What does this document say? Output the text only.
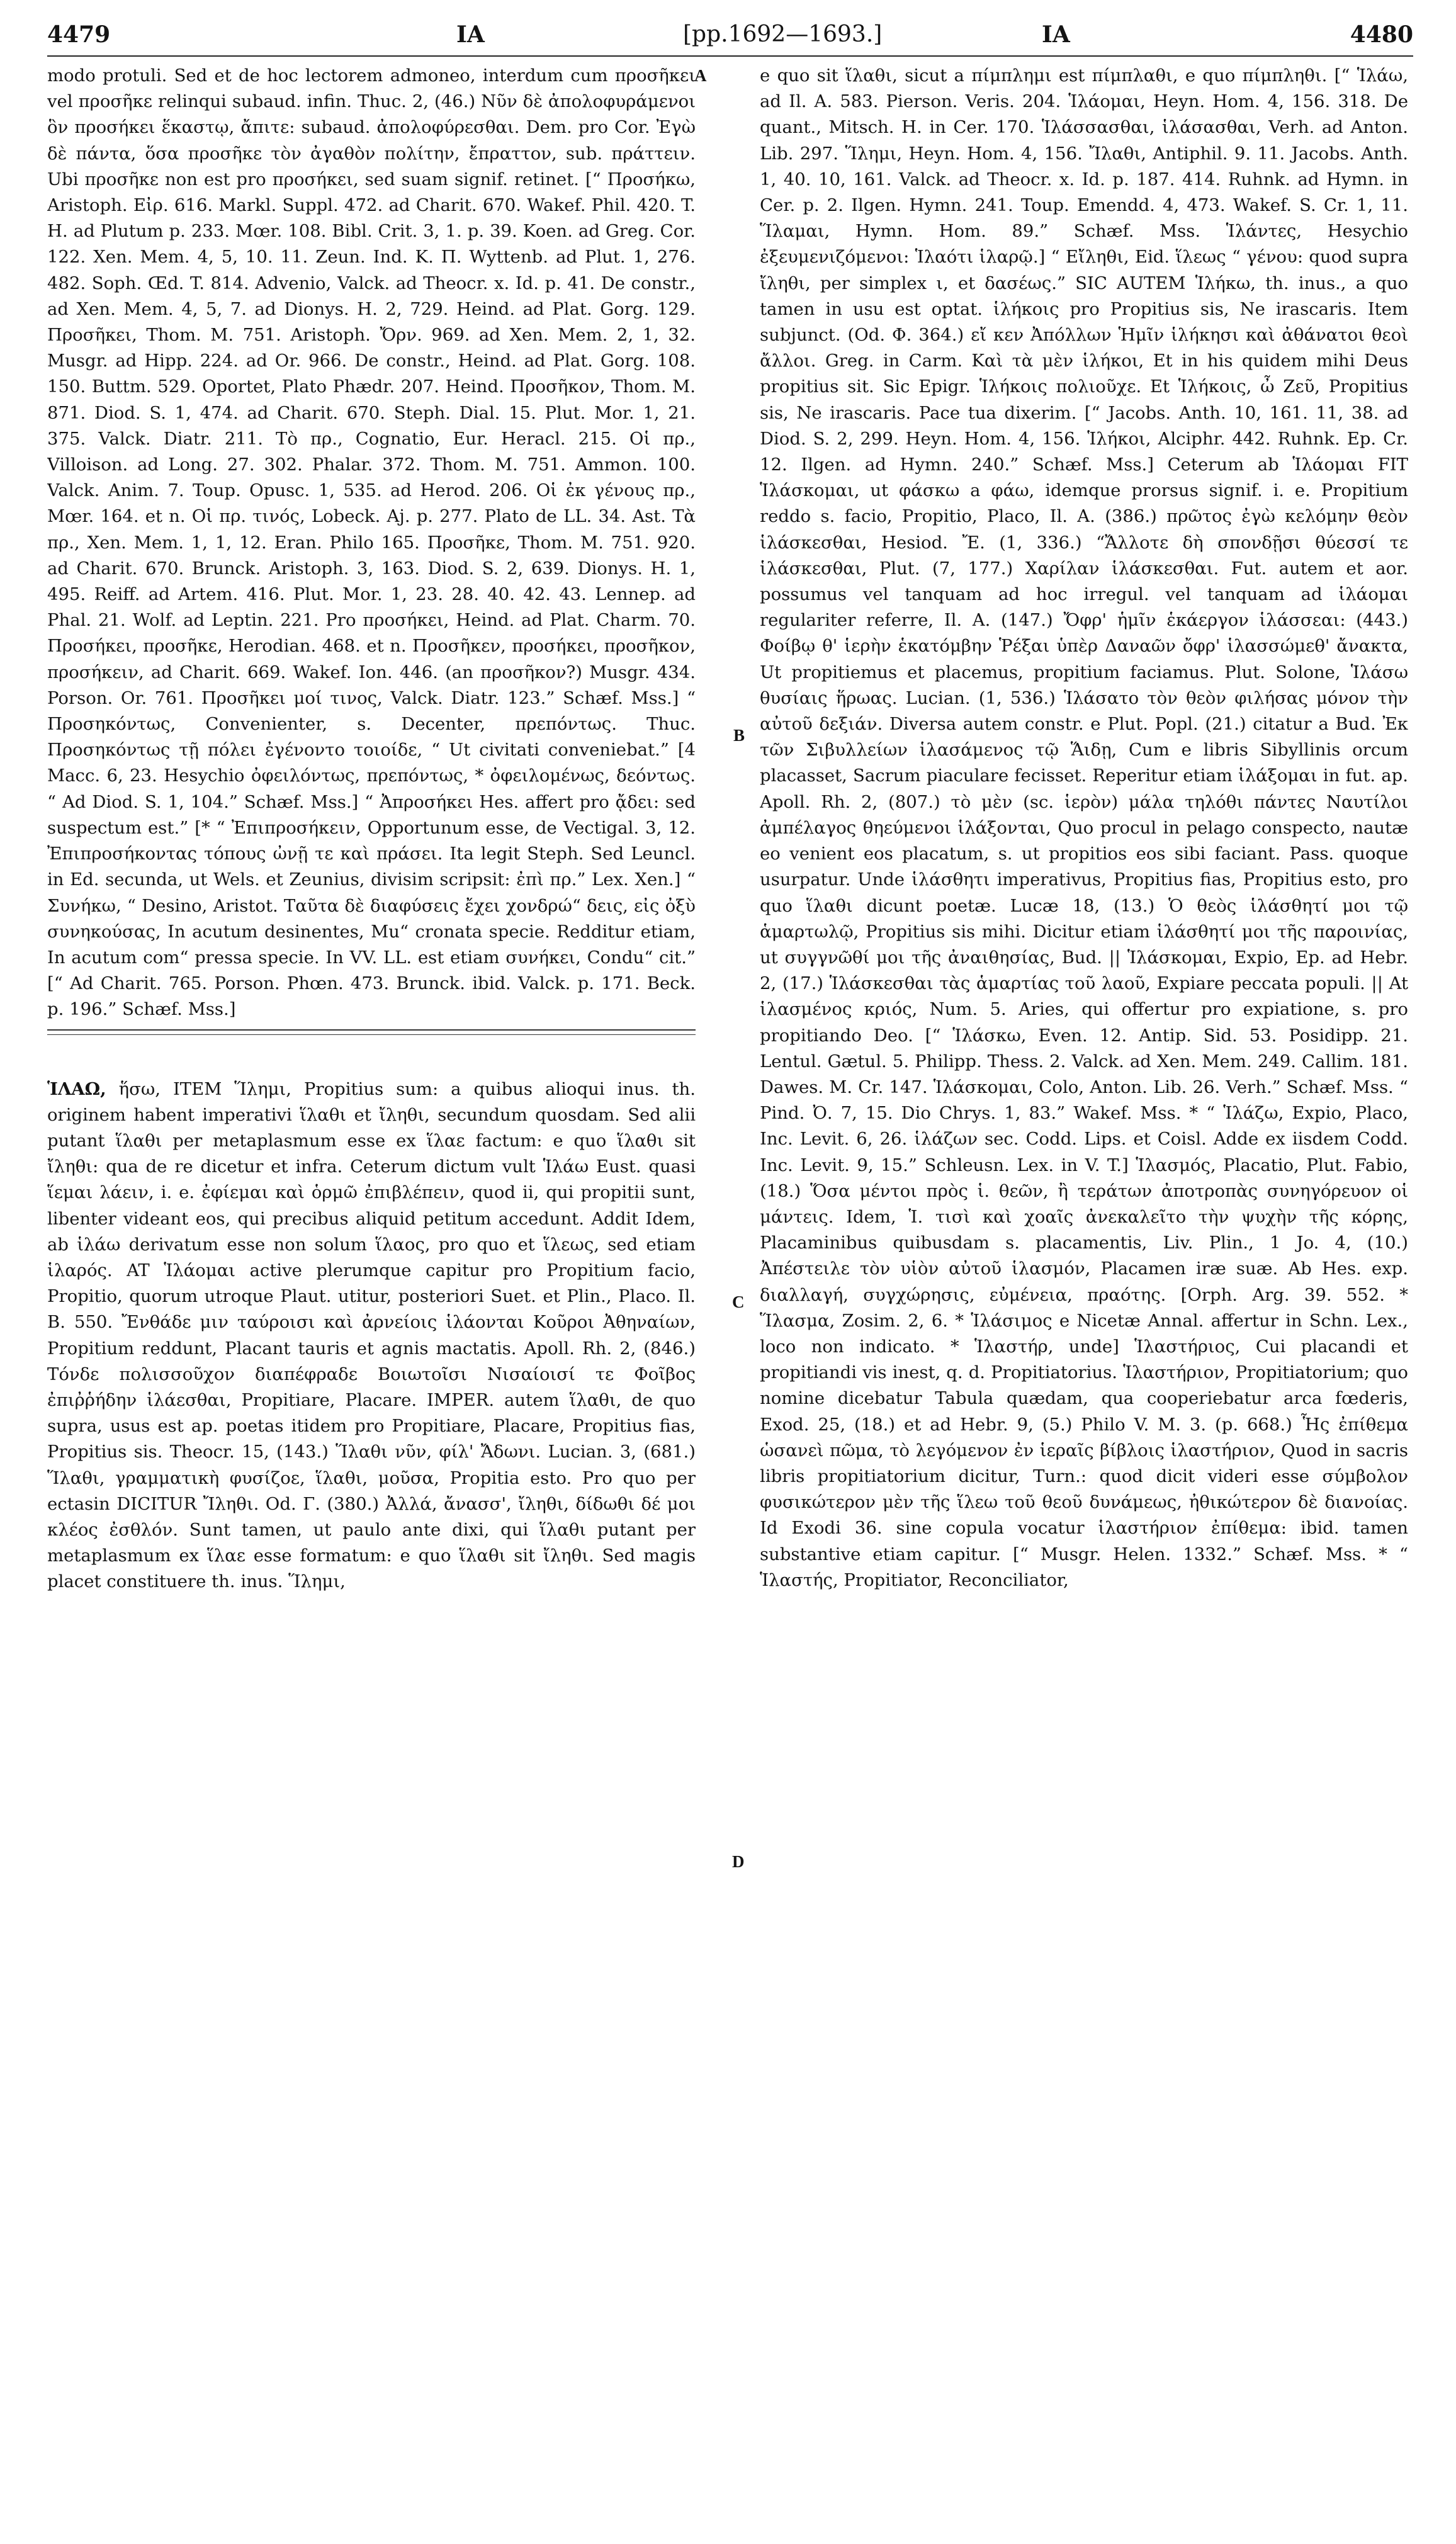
4479	ΙΑ	[pp.1692—1693.]	ΙΑ	4480

modo protuli. Sed et de hoc lectorem admoneo, interdum cum προσῆκει vel προσῆκε relinqui subaud. infin. Thuc. 2, (46.) Νῦν δὲ ἀπολοφυράμενοι ὃν προσήκει ἕκαστῳ, ἄπιτε: subaud. ἀπολοφύρεσθαι. Dem. pro Cor. Ἐγὼ δὲ πάντα, ὅσα προσῆκε τὸν ἀγαθὸν πολίτην, ἔπραττον, sub. πράττειν. Ubi προσῆκε non est pro προσήκει, sed suam signif. retinet. [“ Προσήκω, Aristoph. Εἰρ. 616. Markl. Suppl. 472. ad Charit. 670. Wakef. Phil. 420. T. H. ad Plutum p. 233. Mœr. 108. Bibl. Crit. 3, 1. p. 39. Koen. ad Greg. Cor. 122. Xen. Mem. 4, 5, 10. 11. Zeun. Ind. K. Π. Wyttenb. ad Plut. 1, 276. 482. Soph. Œd. T. 814. Advenio, Valck. ad Theocr. x. Id. p. 41. De constr., ad Xen. Mem. 4, 5, 7. ad Dionys. H. 2, 729. Heind. ad Plat. Gorg. 129. Προσῆκει, Thom. M. 751. Aristoph. Ὄρν. 969. ad Xen. Mem. 2, 1, 32. Musgr. ad Hipp. 224. ad Or. 966. De constr., Heind. ad Plat. Gorg. 108. 150. Buttm. 529. Oportet, Plato Phædr. 207. Heind. Προσῆκον, Thom. M. 871. Diod. S. 1, 474. ad Charit. 670. Steph. Dial. 15. Plut. Mor. 1, 21. 375. Valck. Diatr. 211. Τὸ πρ., Cognatio, Eur. Heracl. 215. Οἱ πρ., Villoison. ad Long. 27. 302. Phalar. 372. Thom. M. 751. Ammon. 100. Valck. Anim. 7. Toup. Opusc. 1, 535. ad Herod. 206. Οἱ ἐκ γένους πρ., Mœr. 164. et n. Οἱ πρ. τινός, Lobeck. Aj. p. 277. Plato de LL. 34. Ast. Τὰ πρ., Xen. Mem. 1, 1, 12. Eran. Philo 165. Προσῆκε, Thom. M. 751. 920. ad Charit. 670. Brunck. Aristoph. 3, 163. Diod. S. 2, 639. Dionys. H. 1, 495. Reiff. ad Artem. 416. Plut. Mor. 1, 23. 28. 40. 42. 43. Lennep. ad Phal. 21. Wolf. ad Leptin. 221. Pro προσήκει, Heind. ad Plat. Charm. 70. Προσήκει, προσῆκε, Herodian. 468. et n. Προσῆκεν, προσήκει, προσῆκον, προσήκειν, ad Charit. 669. Wakef. Ion. 446. (an προσῆκον?) Musgr. 434. Porson. Or. 761. Προσῆκει μοί τινος, Valck. Diatr. 123.” Schæf. Mss.] “ Προσηκόντως, Convenienter, s. Decenter, πρεπόντως. Thuc. Προσηκόντως τῇ πόλει ἐγένοντο τοιοίδε, “ Ut civitati conveniebat.” [4 Macc. 6, 23. Hesychio ὀφειλόντως, πρεπόντως, * ὀφειλομένως, δεόντως. “ Ad Diod. S. 1, 104.” Schæf. Mss.] “ Ἀπροσήκει Hes. affert pro ᾄδει: sed suspectum est.” [* “ Ἐπιπροσήκειν, Opportunum esse, de Vectigal. 3, 12. Ἐπιπροσήκοντας τόπους ὠνῇ τε καὶ πράσει. Ita legit Steph. Sed Leuncl. in Ed. secunda, ut Wels. et Zeunius, divisim scripsit: ἐπὶ πρ.” Lex. Xen.] “ Συνήκω, “ Desino, Aristot. Ταῦτα δὲ διαφύσεις ἔχει χονδρώ“ δεις, εἰς ὀξὺ συνηκούσας, In acutum desinentes, Mu“ cronata specie. Redditur etiam, In acutum com“ pressa specie. In VV. LL. est etiam συνήκει, Condu“ cit.” [“ Ad Charit. 765. Porson. Phœn. 473. Brunck. ibid. Valck. p. 171. Beck. p. 196.” Schæf. Mss.]

ἹΛΑΩ, ἥσω, ITEM Ἵλημι, Propitius sum: a quibus alioqui inus. th. originem habent imperativi ἵλαθι et ἴληθι, secundum quosdam. Sed alii putant ἵλαθι per metaplasmum esse ex ἵλαε factum: e quo ἵλαθι sit ἴληθι: qua de re dicetur et infra. Ceterum dictum vult Ἱλάω Eust. quasi ἵεμαι λάειν, i. e. ἐφίεμαι καὶ ὁρμῶ ἐπιβλέπειν, quod ii, qui propitii sunt, libenter videant eos, qui precibus aliquid petitum accedunt. Addit Idem, ab ἱλάω derivatum esse non solum ἵλαος, pro quo et ἵλεως, sed etiam ἱλαρός. AT Ἱλάομαι active plerumque capitur pro Propitium facio, Propitio, quorum utroque Plaut. utitur, posteriori Suet. et Plin., Placo. Il. B. 550. Ἔνθάδε μιν ταύροισι καὶ ἀρνείοις ἱλάονται Κοῦροι Ἀθηναίων, Propitium reddunt, Placant tauris et agnis mactatis. Apoll. Rh. 2, (846.) Τόνδε πολισσοῦχον διαπέφραδε Βοιωτοῖσι Νισαίοισί τε Φοῖβος ἐπιῤῥήδην ἱλάεσθαι, Propitiare, Placare. IMPER. autem ἵλαθι, de quo supra, usus est ap. poetas itidem pro Propitiare, Placare, Propitius fias, Propitius sis. Theocr. 15, (143.) Ἵλαθι νῦν, φίλ' Ἄδωνι. Lucian. 3, (681.) Ἵλαθι, γραμματικὴ φυσίζοε, ἵλαθι, μοῦσα, Propitia esto. Pro quo per ectasin DICITUR Ἴληθι. Od. Γ. (380.) Ἀλλά, ἄνασσ', ἴληθι, δίδωθι δέ μοι κλέος ἐσθλόν. Sunt tamen, ut paulo ante dixi, qui ἵλαθι putant per metaplasmum ex ἵλαε esse formatum: e quo ἵλαθι sit ἴληθι. Sed magis placet constituere th. inus. Ἵλημι,

e quo sit ἵλαθι, sicut a πίμπλημι est πίμπλαθι, e quo πίμπληθι. [“ Ἱλάω, ad Il. A. 583. Pierson. Veris. 204. Ἱλάομαι, Heyn. Hom. 4, 156. 318. De quant., Mitsch. H. in Cer. 170. Ἱλάσσασθαι, ἱλάσασθαι, Verh. ad Anton. Lib. 297. Ἵλημι, Heyn. Hom. 4, 156. Ἴλαθι, Antiphil. 9. 11. Jacobs. Anth. 1, 40. 10, 161. Valck. ad Theocr. x. Id. p. 187. 414. Ruhnk. ad Hymn. in Cer. p. 2. Ilgen. Hymn. 241. Toup. Emendd. 4, 473. Wakef. S. Cr. 1, 11. Ἵλαμαι, Hymn. Hom. 89.” Schæf. Mss. Ἱλάντες, Hesychio ἐξευμενιζόμενοι: Ἱλαότι ἱλαρῷ.] “ Εἴληθι, Eid. ἵλεως “ γένου: quod supra ἴληθι, per simplex ι, et δασέως.” SIC AUTEM Ἱλήκω, th. inus., a quo tamen in usu est optat. ἱλήκοις pro Propitius sis, Ne irascaris. Item subjunct. (Od. Φ. 364.) εἴ κεν Ἀπόλλων Ἡμῖν ἱλήκησι καὶ ἀθάνατοι θεοὶ ἄλλοι. Greg. in Carm. Καὶ τὰ μὲν ἱλήκοι, Et in his quidem mihi Deus propitius sit. Sic Epigr. Ἱλήκοις πολιοῦχε. Et Ἱλήκοις, ὦ Ζεῦ, Propitius sis, Ne irascaris. Pace tua dixerim. [“ Jacobs. Anth. 10, 161. 11, 38. ad Diod. S. 2, 299. Heyn. Hom. 4, 156. Ἱλήκοι, Alciphr. 442. Ruhnk. Ep. Cr. 12. Ilgen. ad Hymn. 240.” Schæf. Mss.] Ceterum ab Ἱλάομαι FIT Ἱλάσκομαι, ut φάσκω a φάω, idemque prorsus signif. i. e. Propitium reddo s. facio, Propitio, Placo, Il. A. (386.) πρῶτος ἐγὼ κελόμην θεὸν ἱλάσκεσθαι, Hesiod. Ἔ. (1, 336.) “Ἄλλοτε δὴ σπονδῇσι θύεσσί τε ἱλάσκεσθαι, Plut. (7, 177.) Χαρίλαν ἱλάσκεσθαι. Fut. autem et aor. possumus vel tanquam ad hoc irregul. vel tanquam ad ἱλάομαι regulariter referre, Il. A. (147.) Ὄφρ' ἡμῖν ἑκάεργον ἱλάσσεαι: (443.) Φοίβῳ θ' ἱερὴν ἑκατόμβην Ῥέξαι ὑπὲρ Δαναῶν ὄφρ' ἱλασσώμεθ' ἄνακτα, Ut propitiemus et placemus, propitium faciamus. Plut. Solone, Ἱλάσω θυσίαις ἥρωας. Lucian. (1, 536.) Ἱλάσατο τὸν θεὸν φιλήσας μόνον τὴν αὐτοῦ δεξιάν. Diversa autem constr. e Plut. Popl. (21.) citatur a Bud. Ἐκ τῶν Σιβυλλείων ἱλασάμενος τῷ Ἅιδῃ, Cum e libris Sibyllinis orcum placasset, Sacrum piaculare fecisset. Reperitur etiam ἱλάξομαι in fut. ap. Apoll. Rh. 2, (807.) τὸ μὲν (sc. ἱερὸν) μάλα τηλόθι πάντες Ναυτίλοι ἀμπέλαγος θηεύμενοι ἱλάξονται, Quo procul in pelago conspecto, nautæ eo venient eos placatum, s. ut propitios eos sibi faciant. Pass. quoque usurpatur. Unde ἱλάσθητι imperativus, Propitius fias, Propitius esto, pro quo ἵλαθι dicunt poetæ. Lucæ 18, (13.) Ὁ θεὸς ἱλάσθητί μοι τῷ ἁμαρτωλῷ, Propitius sis mihi. Dicitur etiam ἱλάσθητί μοι τῆς παροινίας, ut συγγνῶθί μοι τῆς ἀναιθησίας, Bud. || Ἱλάσκομαι, Expio, Ep. ad Hebr. 2, (17.) Ἱλάσκεσθαι τὰς ἁμαρτίας τοῦ λαοῦ, Expiare peccata populi. || At ἱλασμένος κριός, Num. 5. Aries, qui offertur pro expiatione, s. pro propitiando Deo. [“ Ἱλάσκω, Even. 12. Antip. Sid. 53. Posidipp. 21. Lentul. Gætul. 5. Philipp. Thess. 2. Valck. ad Xen. Mem. 249. Callim. 181. Dawes. M. Cr. 147. Ἱλάσκομαι, Colo, Anton. Lib. 26. Verh.” Schæf. Mss. “ Pind. Ὀ. 7, 15. Dio Chrys. 1, 83.” Wakef. Mss. * “ Ἱλάζω, Expio, Placo, Inc. Levit. 6, 26. ἱλάζων sec. Codd. Lips. et Coisl. Adde ex iisdem Codd. Inc. Levit. 9, 15.” Schleusn. Lex. in V. T.] Ἱλασμός, Placatio, Plut. Fabio, (18.) Ὅσα μέντοι πρὸς ἱ. θεῶν, ἢ τεράτων ἀποτροπὰς συνηγόρευον οἱ μάντεις. Idem, Ἱ. τισὶ καὶ χοαῖς ἀνεκαλεῖτο τὴν ψυχὴν τῆς κόρης, Placaminibus quibusdam s. placamentis, Liv. Plin., 1 Jo. 4, (10.) Ἀπέστειλε τὸν υἱὸν αὐτοῦ ἱλασμόν, Placamen iræ suæ. Ab Hes. exp. διαλλαγή, συγχώρησις, εὐμένεια, πραότης. [Orph. Arg. 39. 552. * Ἵλασμα, Zosim. 2, 6. * Ἱλάσιμος e Nicetæ Annal. affertur in Schn. Lex., loco non indicato. * Ἱλαστήρ, unde] Ἱλαστήριος, Cui placandi et propitiandi vis inest, q. d. Propitiatorius. Ἱλαστήριον, Propitiatorium; quo nomine dicebatur Tabula quædam, qua cooperiebatur arca fœderis, Exod. 25, (18.) et ad Hebr. 9, (5.) Philo V. M. 3. (p. 668.) Ἧς ἐπίθεμα ὡσανεὶ πῶμα, τὸ λεγόμενον ἐν ἱεραῖς βίβλοις ἱλαστήριον, Quod in sacris libris propitiatorium dicitur, Turn.: quod dicit videri esse σύμβολον φυσικώτερον μὲν τῆς ἵλεω τοῦ θεοῦ δυνάμεως, ἠθικώτερον δὲ διανοίας. Id Exodi 36. sine copula vocatur ἱλαστήριον ἐπίθεμα: ibid. tamen substantive etiam capitur. [“ Musgr. Helen. 1332.” Schæf. Mss. * “ Ἱλαστής, Propitiator, Reconciliator,

A
B
C
D
